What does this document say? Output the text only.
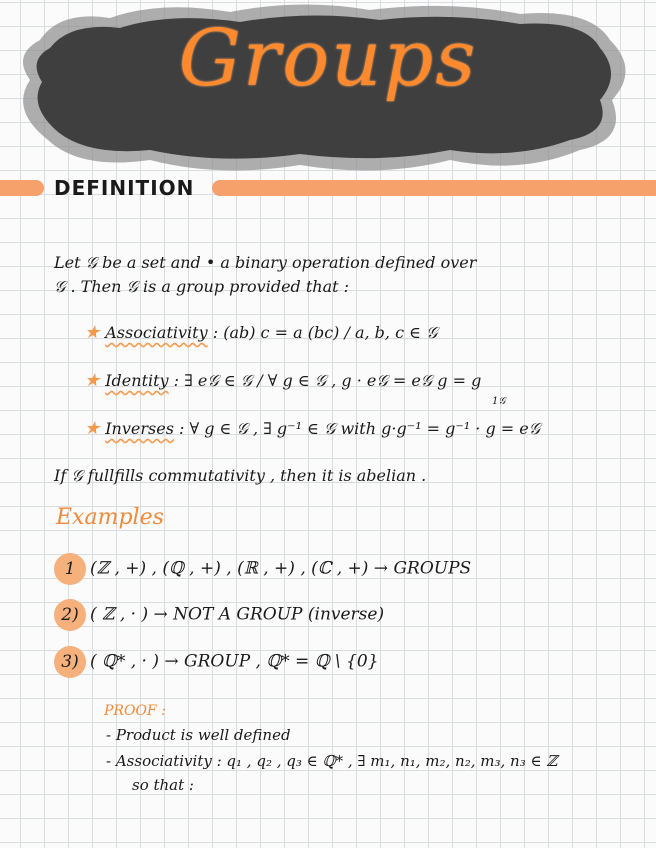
Groups
DEFINITION
Let 𝒢 be a set and • a binary operation defined over
𝒢 . Then 𝒢 is a group provided that :
★ Associativity : (ab) c = a (bc) / a, b, c ∈ 𝒢
★ Identity : ∃ e𝒢 ∈ 𝒢 / ∀ g ∈ 𝒢 , g · e𝒢 = e𝒢 g = g
1𝒢
★ Inverses : ∀ g ∈ 𝒢 , ∃ g⁻¹ ∈ 𝒢 with g·g⁻¹ = g⁻¹ · g = e𝒢
If 𝒢 fullfills commutativity , then it is abelian .
Examples
1 (ℤ , +) , (ℚ , +) , (ℝ , +) , (ℂ , +) → GROUPS
2) ( ℤ , · ) → NOT A GROUP (inverse)
3) ( ℚ* , · ) → GROUP , ℚ* = ℚ \ {0}
PROOF :
- Product is well defined
- Associativity : q₁ , q₂ , q₃ ∈ ℚ* , ∃ m₁, n₁, m₂, n₂, m₃, n₃ ∈ ℤ
so that :
